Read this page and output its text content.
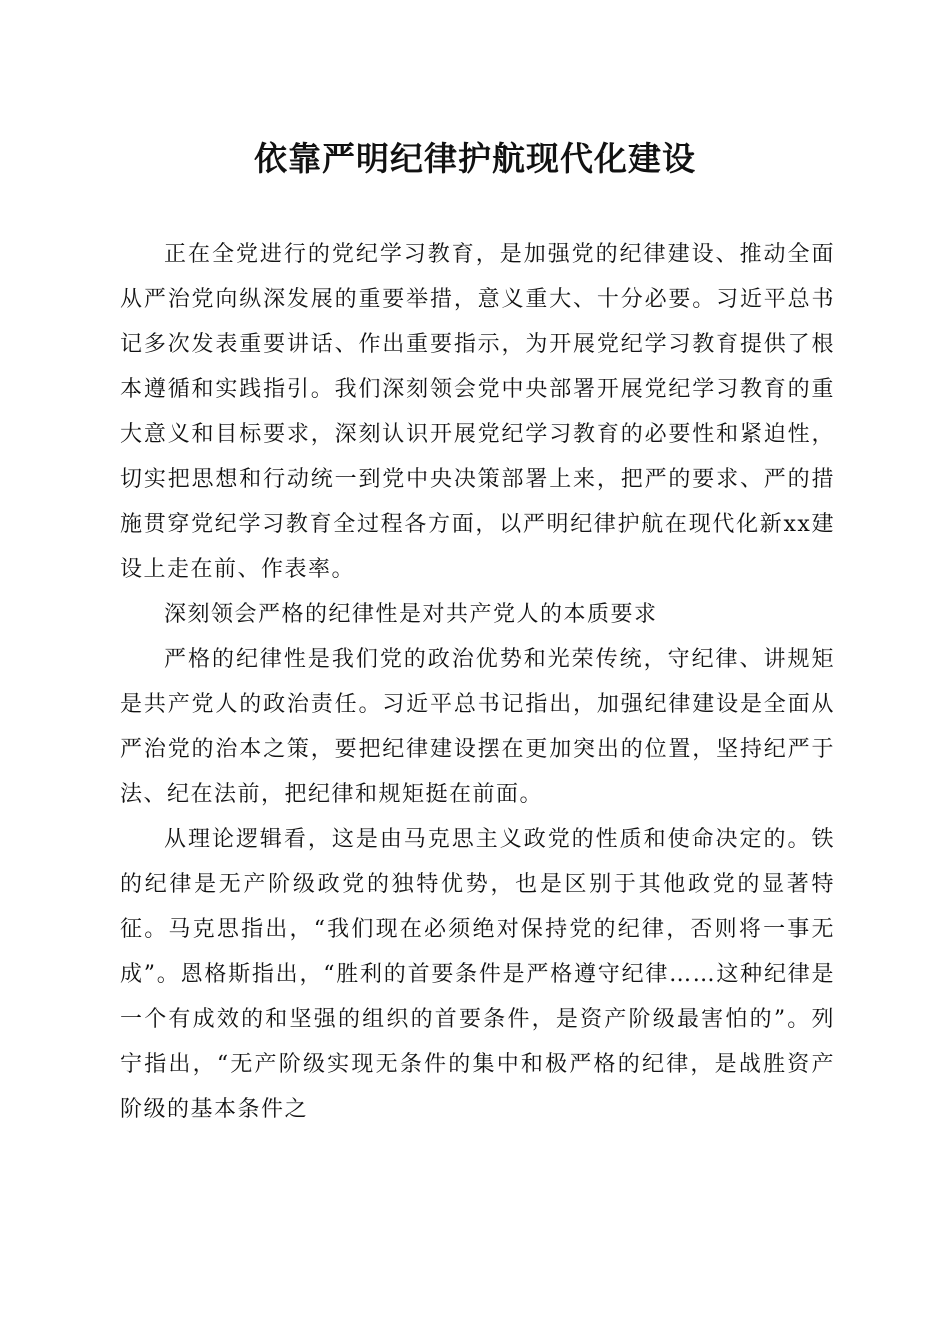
依靠严明纪律护航现代化建设

正在全党进行的党纪学习教育，是加强党的纪律建设、推动全面从严治党向纵深发展的重要举措，意义重大、十分必要。习近平总书记多次发表重要讲话、作出重要指示，为开展党纪学习教育提供了根本遵循和实践指引。我们深刻领会党中央部署开展党纪学习教育的重大意义和目标要求，深刻认识开展党纪学习教育的必要性和紧迫性，切实把思想和行动统一到党中央决策部署上来，把严的要求、严的措施贯穿党纪学习教育全过程各方面，以严明纪律护航在现代化新xx建设上走在前、作表率。

深刻领会严格的纪律性是对共产党人的本质要求

严格的纪律性是我们党的政治优势和光荣传统，守纪律、讲规矩是共产党人的政治责任。习近平总书记指出，加强纪律建设是全面从严治党的治本之策，要把纪律建设摆在更加突出的位置，坚持纪严于法、纪在法前，把纪律和规矩挺在前面。

从理论逻辑看，这是由马克思主义政党的性质和使命决定的。铁的纪律是无产阶级政党的独特优势，也是区别于其他政党的显著特征。马克思指出，“我们现在必须绝对保持党的纪律，否则将一事无成”。恩格斯指出，“胜利的首要条件是严格遵守纪律……这种纪律是一个有成效的和坚强的组织的首要条件，是资产阶级最害怕的”。列宁指出，“无产阶级实现无条件的集中和极严格的纪律，是战胜资产阶级的基本条件之
